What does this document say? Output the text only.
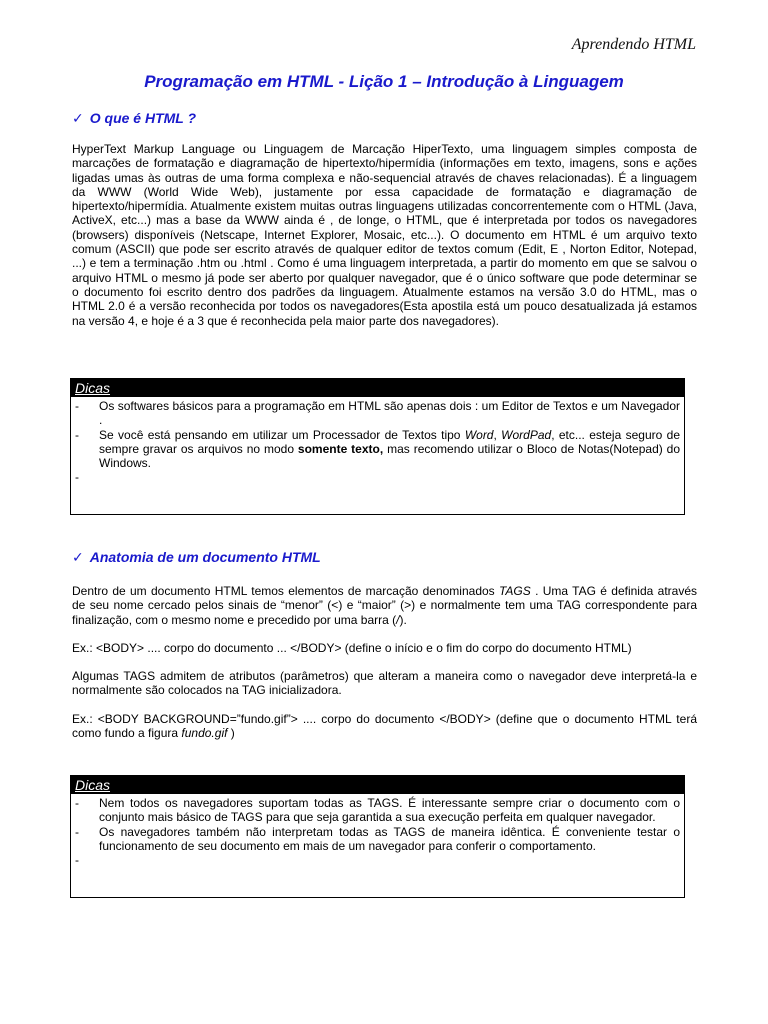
Aprendendo HTML
Programação em HTML - Lição 1 – Introdução à Linguagem
✓ O que é HTML ?

HyperText Markup Language ou Linguagem de Marcação HiperTexto, uma linguagem simples composta de marcações de formatação e diagramação de hipertexto/hipermídia (informações em texto, imagens, sons e ações ligadas umas às outras de uma forma complexa e não-sequencial através de chaves relacionadas). É a linguagem da WWW (World Wide Web), justamente por essa capacidade de formatação e diagramação de hipertexto/hipermídia. Atualmente existem muitas outras linguagens utilizadas concorrentemente com o HTML (Java, ActiveX, etc...) mas a base da WWW ainda é , de longe, o HTML, que é interpretada por todos os navegadores (browsers) disponíveis (Netscape, Internet Explorer, Mosaic, etc...). O documento em HTML é um arquivo texto comum (ASCII) que pode ser escrito através de qualquer editor de textos comum (Edit, E , Norton Editor, Notepad, ...) e tem a terminação .htm ou .html . Como é uma linguagem interpretada, a partir do momento em que se salvou o arquivo HTML o mesmo já pode ser aberto por qualquer navegador, que é o único software que pode determinar se o documento foi escrito dentro dos padrões da linguagem. Atualmente estamos na versão 3.0 do HTML, mas o HTML 2.0 é a versão reconhecida por todos os navegadores(Esta apostila está um pouco desatualizada já estamos na versão 4, e hoje é a 3 que é reconhecida pela maior parte dos navegadores).

Dicas
- Os softwares básicos para a programação em HTML são apenas dois : um Editor de Textos e um Navegador .
- Se você está pensando em utilizar um Processador de Textos tipo Word, WordPad, etc... esteja seguro de sempre gravar os arquivos no modo somente texto, mas recomendo utilizar o Bloco de Notas(Notepad) do Windows.
-
✓ Anatomia de um documento HTML

Dentro de um documento HTML temos elementos de marcação denominados TAGS . Uma TAG é definida através de seu nome cercado pelos sinais de “menor” (<) e “maior” (>) e normalmente tem uma TAG correspondente para finalização, com o mesmo nome e precedido por uma barra (/).

Ex.: <BODY> .... corpo do documento ... </BODY> (define o início e o fim do corpo do documento HTML)

Algumas TAGS admitem de atributos (parâmetros) que alteram a maneira como o navegador deve interpretá-la e normalmente são colocados na TAG inicializadora.

Ex.: <BODY BACKGROUND=”fundo.gif”> .... corpo do documento </BODY> (define que o documento HTML terá como fundo a figura fundo.gif )

Dicas
- Nem todos os navegadores suportam todas as TAGS. É interessante sempre criar o documento com o conjunto mais básico de TAGS para que seja garantida a sua execução perfeita em qualquer navegador.
- Os navegadores também não interpretam todas as TAGS de maneira idêntica. É conveniente testar o funcionamento de seu documento em mais de um navegador para conferir o comportamento.
-
